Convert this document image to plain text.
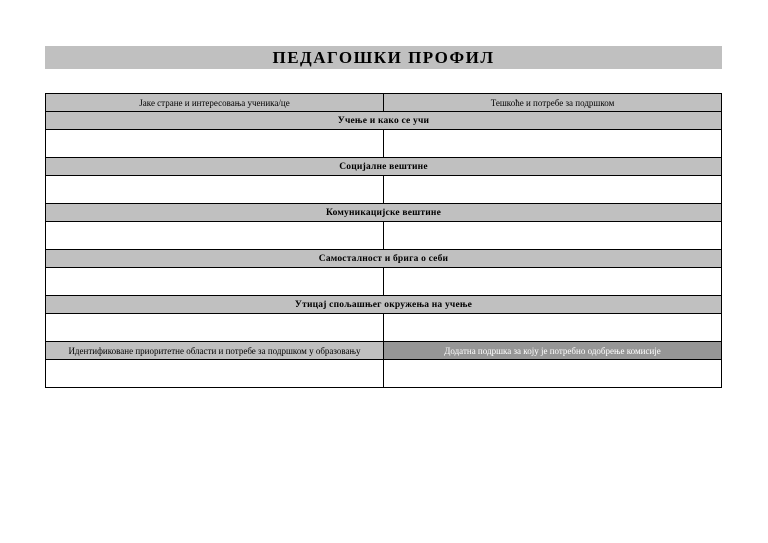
ПЕДАГОШКИ ПРОФИЛ
Јаке стране и интересовања ученика/це	Тешкоће и потребе за подршком
Учење и како се учи	

Социјалне вештине	

Комуникацијске вештине	

Самосталност и брига о себи	

Утицај спољашњег окружења на учење	

Идентификоване приоритетне области и потребе за подршком у образовању	Додатна подршка за коју је потребно одобрење комисије
